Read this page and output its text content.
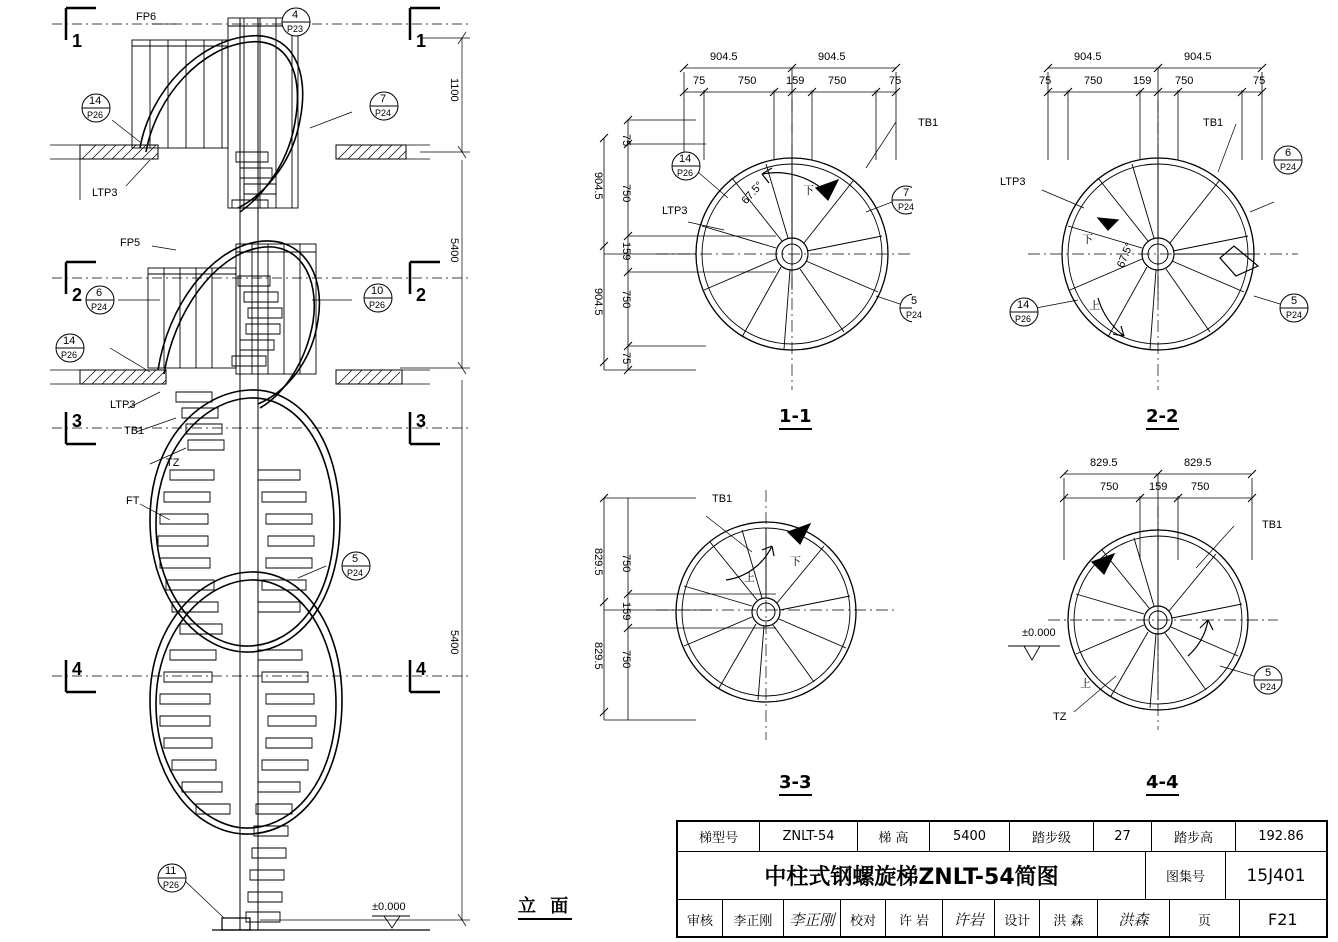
FP6
FP5
LTP3
LTP3
TB1
TZ
FT
1	1
2	2
3	3
4	4
1100
5400
5400
±0.000	立 面
4
P23
14
P26
7
P24
6
P24
10
P26
14
P26
5
P24
11
P26
14
P26
7
P24
5
P24
904.5	904.5
75	750	159 750	75
904.5
904.5
75
750
159
750
75
TB1
LTP3
下
67.5°
1-1
6
P24
14
P26
5
P24
904.5	904.5
75	750	159 750	75
TB1
LTP3
下
上
67.5°
2-2
829.5
829.5
750
159
750
TB1
上
下
3-3
5
P24
829.5	829.5
750	159 750
TB1
±0.000
上
TZ
4-4
梯型号	ZNLT-54	梯 高	5400	踏步级	27	踏步高	192.86
中柱式钢螺旋梯ZNLT-54简图	图集号	15J401
审核	李正刚	李正刚	校对	许 岩	许岩	设计	洪 森	洪森	页	F21
